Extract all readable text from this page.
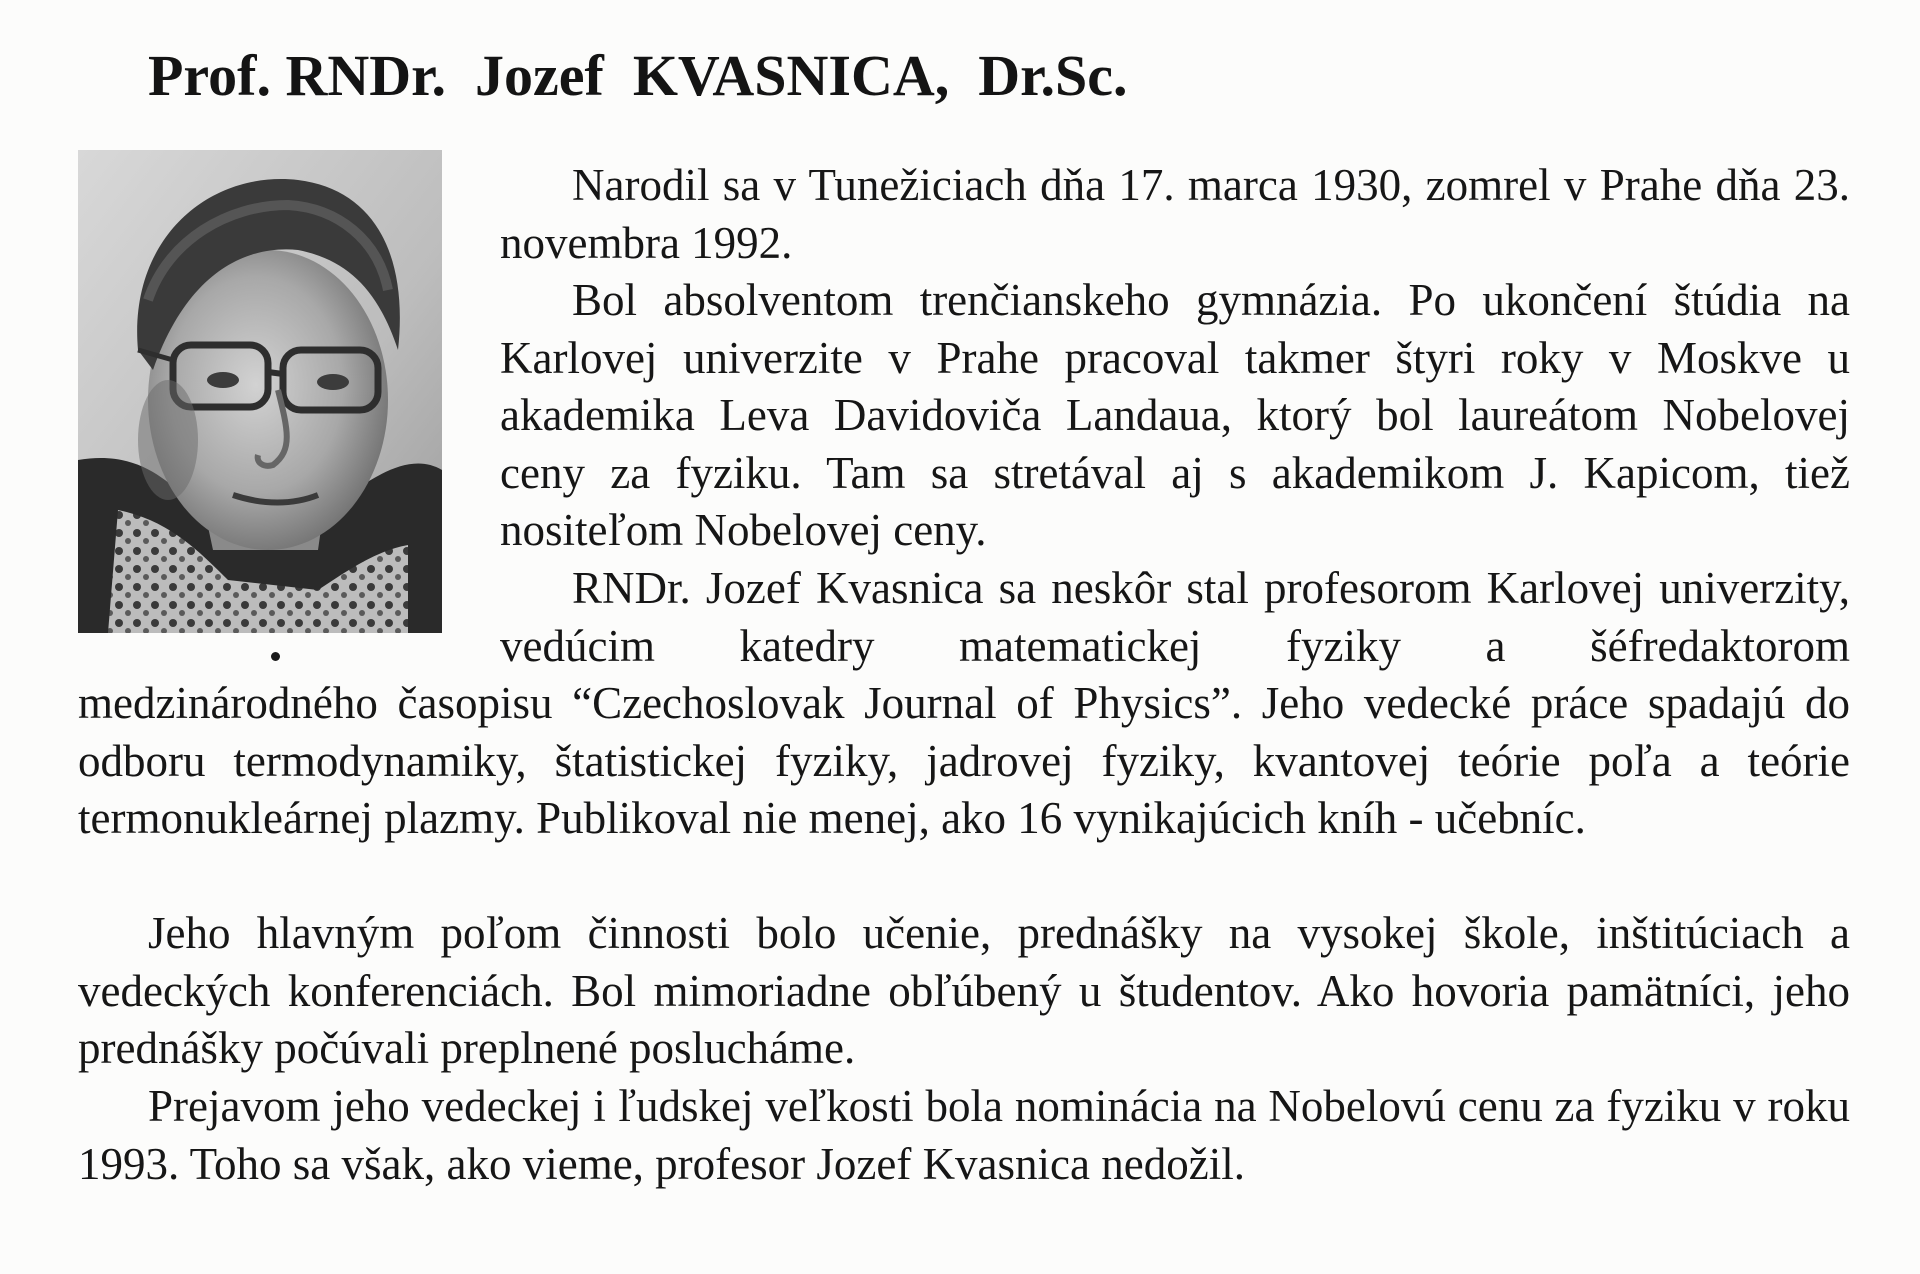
Prof. RNDr.  Jozef  KVASNICA,  Dr.Sc.

Narodil sa v Tunežiciach dňa 17. marca 1930, zomrel v Prahe dňa 23. novembra 1992.

Bol absolventom trenčianskeho gymnázia. Po ukončení štúdia na Karlovej univerzite v Prahe pracoval takmer štyri roky v Moskve u akademika Leva Davidoviča Landaua, ktorý bol laureátom Nobelovej ceny za fyziku. Tam sa stretával aj s akademikom J. Kapicom, tiež nositeľom Nobelovej ceny.

RNDr. Jozef Kvasnica sa neskôr stal profesorom Karlovej univerzity, vedúcim katedry matematickej fyziky a šéfredaktorom

medzinárodného časopisu “Czechoslovak Journal of Physics”. Jeho vedecké práce spadajú do odboru termodynamiky, štatistickej fyziky, jadrovej fyziky, kvantovej teórie poľa a teórie termonukleárnej plazmy. Publikoval nie menej, ako 16 vynikajúcich kníh - učebníc.

Jeho hlavným poľom činnosti bolo učenie, prednášky na vysokej škole, inštitúciach a vedeckých konferenciách. Bol mimoriadne obľúbený u študentov. Ako hovoria pamätníci, jeho prednášky počúvali preplnené poslucháme.

Prejavom jeho vedeckej i ľudskej veľkosti bola nominácia na Nobelovú cenu za fyziku v roku 1993. Toho sa však, ako vieme, profesor Jozef Kvasnica nedožil.
